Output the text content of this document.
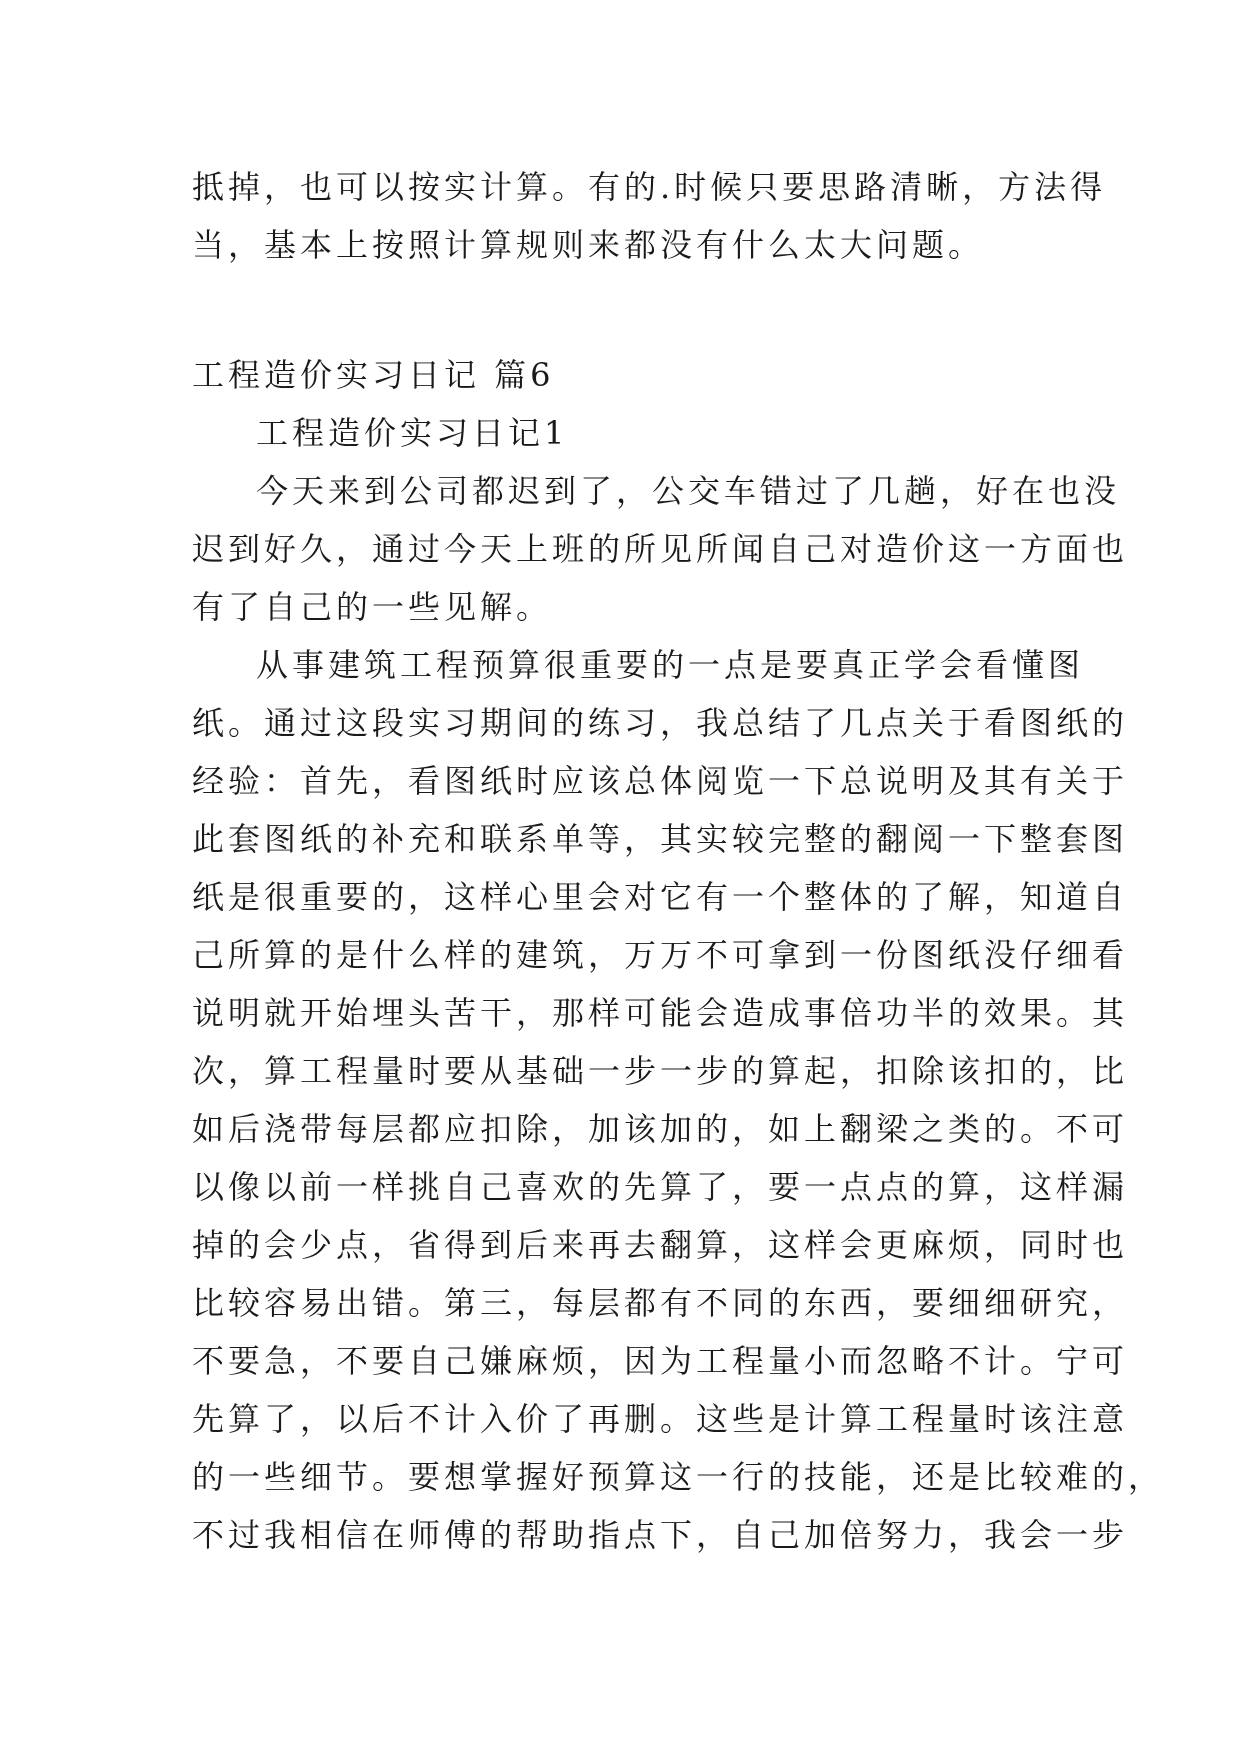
抵掉，也可以按实计算。有的.时候只要思路清晰，方法得
当，基本上按照计算规则来都没有什么太大问题。
工程造价实习日记 篇6
工程造价实习日记1
今天来到公司都迟到了，公交车错过了几趟，好在也没
迟到好久，通过今天上班的所见所闻自己对造价这一方面也
有了自己的一些见解。
从事建筑工程预算很重要的一点是要真正学会看懂图
纸。通过这段实习期间的练习，我总结了几点关于看图纸的
经验：首先，看图纸时应该总体阅览一下总说明及其有关于
此套图纸的补充和联系单等，其实较完整的翻阅一下整套图
纸是很重要的，这样心里会对它有一个整体的了解，知道自
己所算的是什么样的建筑，万万不可拿到一份图纸没仔细看
说明就开始埋头苦干，那样可能会造成事倍功半的效果。其
次，算工程量时要从基础一步一步的算起，扣除该扣的，比
如后浇带每层都应扣除，加该加的，如上翻梁之类的。不可
以像以前一样挑自己喜欢的先算了，要一点点的算，这样漏
掉的会少点，省得到后来再去翻算，这样会更麻烦，同时也
比较容易出错。第三，每层都有不同的东西，要细细研究，
不要急，不要自己嫌麻烦，因为工程量小而忽略不计。宁可
先算了，以后不计入价了再删。这些是计算工程量时该注意
的一些细节。要想掌握好预算这一行的技能，还是比较难的，
不过我相信在师傅的帮助指点下，自己加倍努力，我会一步
